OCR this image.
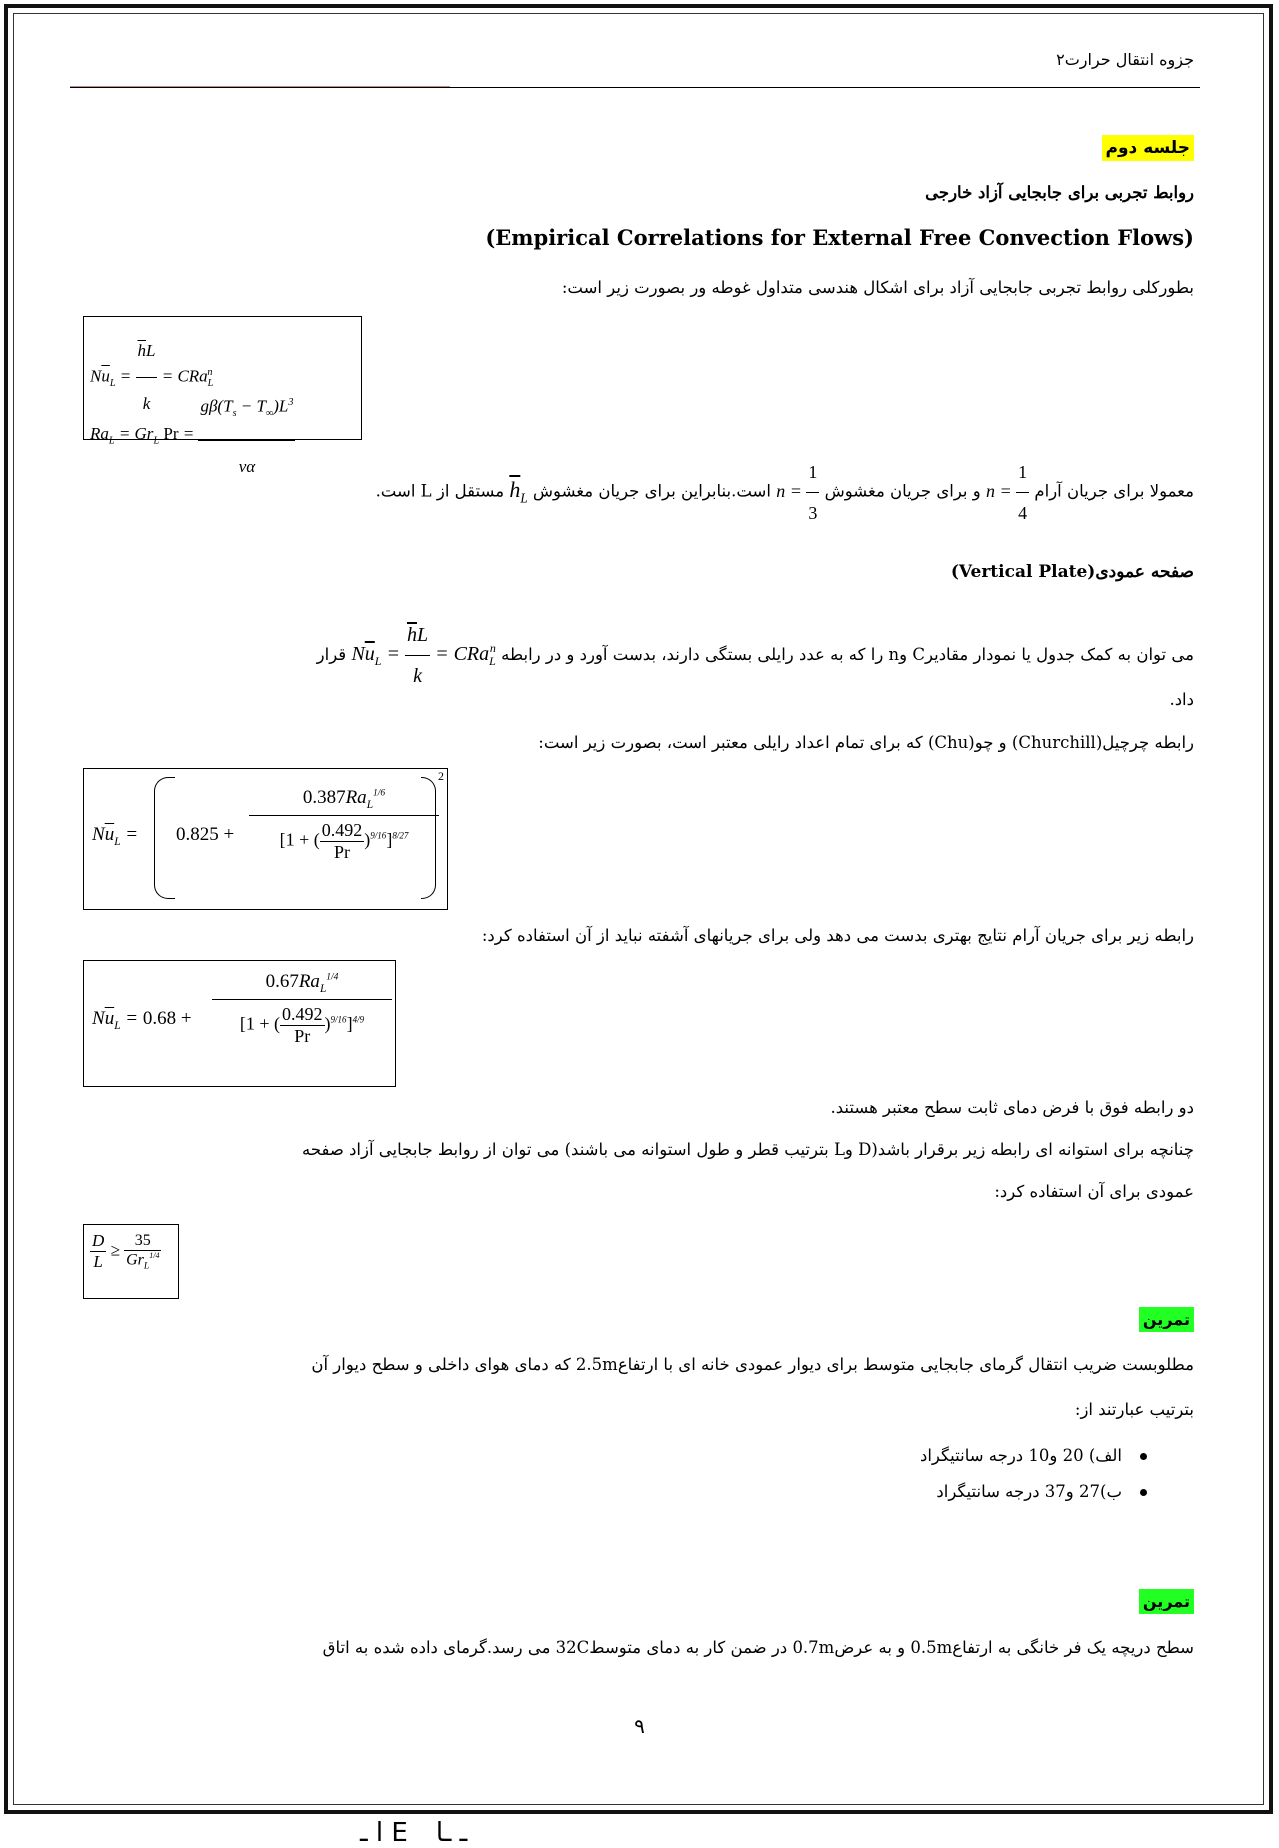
جزوه انتقال حرارت۲
جلسه دوم
روابط تجربی برای جابجایی آزاد خارجی
(Empirical Correlations for External Free Convection Flows)
بطورکلی روابط تجربی جابجایی آزاد برای اشکال هندسی متداول غوطه ور بصورت زیر است:
$N\overline{u}_L = \frac{\overline{h}L}{k} = CRa_L^n$
$Ra_L = Gr_L$ $Pr = \frac{g\beta(T_s - T_\infty)L^3}{v\alpha}$	معمولا برای جریان آرام $n = \frac{1}{4}$
و برای جریان مغشوش $n = \frac{1}{3}$
است.بنابراین برای جریان مغشوش $\overline{h}_L$ مستقل از L است.
صفحه عمودی(Vertical Plate)
می توان به کمک جدول یا نمودار مقادیرC وn را که به عدد رایلی بستگی دارند، بدست آورد و در رابطه $N\overline{u}_L = \frac{\overline{h}L}{k} = CRa_L^n$ قرار
داد.
رابطه چرچیل(Churchill) و چو(Chu) که برای تمام اعداد رایلی معتبر است، بصورت زیر است:
$N\overline{u}_L = 0.825$ +
$0.387Ra_L^{1/6}$
[1 + ( $\frac{0.492}{Pr} )^{9/16}]^{8/27}$
2
رابطه زیر برای جریان آرام نتایج بهتری بدست می دهد ولی برای جریانهای آشفته نباید از آن استفاده کرد:
$N\overline{u}_L = 0.68$ +
$0.67Ra_L^{1/4}$
[1 + ( $\frac{0.492}{Pr} )^{9/16}]^{4/9}$
دو رابطه فوق با فرض دمای ثابت سطح معتبر هستند.
چنانچه برای استوانه ای رابطه زیر برقرار باشد(D وL بترتیب قطر و طول استوانه می باشند) می توان از روابط جابجایی آزاد صفحه
عمودی برای آن استفاده کرد:
$\frac{D}{L} \ge \frac{35}{Gr_L^{1/4}}$
تمرین
مطلوبست ضریب انتقال گرمای جابجایی متوسط برای دیوار عمودی خانه ای با ارتفاع2.5m که دمای هوای داخلی و سطح دیوار آن
بترتیب عبارتند از:
الف) 20 و10 درجه سانتیگراد
ب)27 و37 درجه سانتیگراد
تمرین
سطح دریچه یک فر خانگی به ارتفاع0.5m و به عرض0.7m در ضمن کار به دمای متوسط32C می رسد.گرمای داده شده به اتاق
۹
ا ـ Eـ ـا
